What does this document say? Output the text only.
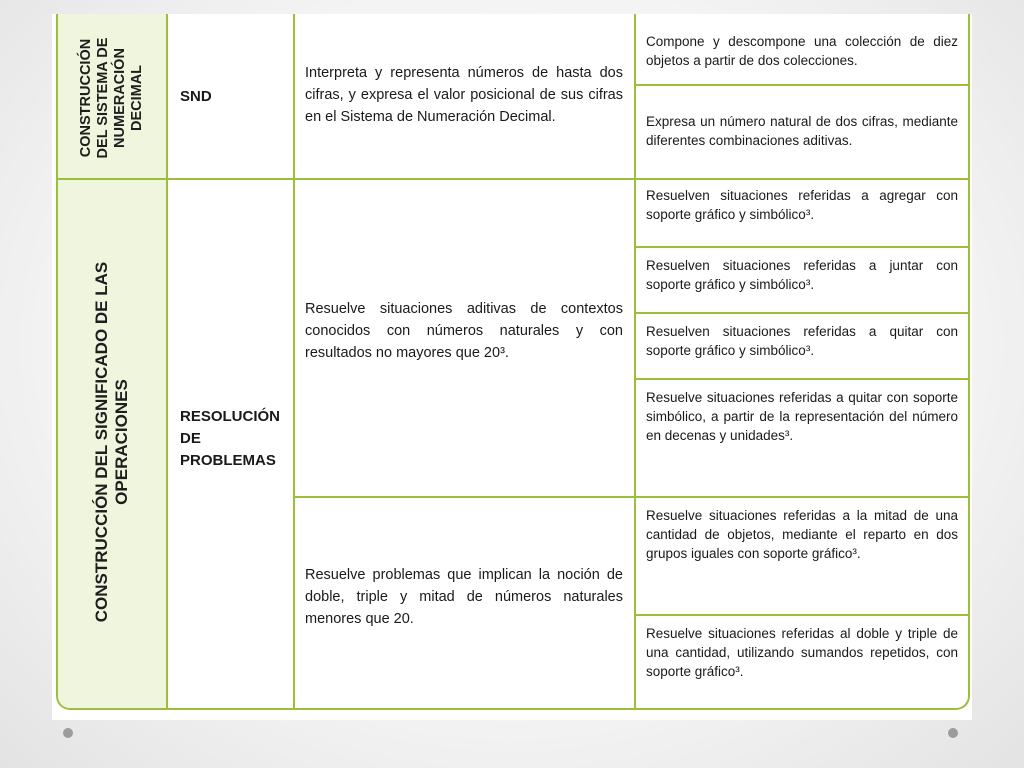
CONSTRUCCIÓN DEL SISTEMA DE NUMERACIÓN DECIMAL SND
Interpreta y representa números de hasta dos cifras, y expresa el valor posicional de sus cifras en el Sistema de Numeración Decimal.
Compone y descompone una colección de diez objetos a partir de dos colecciones.
Expresa un número natural de dos cifras, mediante diferentes combinaciones aditivas.
CONSTRUCCIÓN DEL SIGNIFICADO DE LAS OPERACIONES	RESOLUCIÓN DE PROBLEMAS
Resuelve situaciones aditivas de contextos conocidos con números naturales y con resultados no mayores que 20³.
Resuelve problemas que implican la noción de doble, triple y mitad de números naturales menores que 20.
Resuelven situaciones referidas a agregar con soporte gráfico y simbólico³.
Resuelven situaciones referidas a juntar con soporte gráfico y simbólico³.
Resuelven situaciones referidas a quitar con soporte gráfico y simbólico³.
Resuelve situaciones referidas a quitar con soporte simbólico, a partir de la representación del número en decenas y unidades³.
Resuelve situaciones referidas a la mitad de una cantidad de objetos, mediante el reparto en dos grupos iguales con soporte gráfico³.
Resuelve situaciones referidas al doble y triple de una cantidad, utilizando sumandos repetidos, con soporte gráfico³.
